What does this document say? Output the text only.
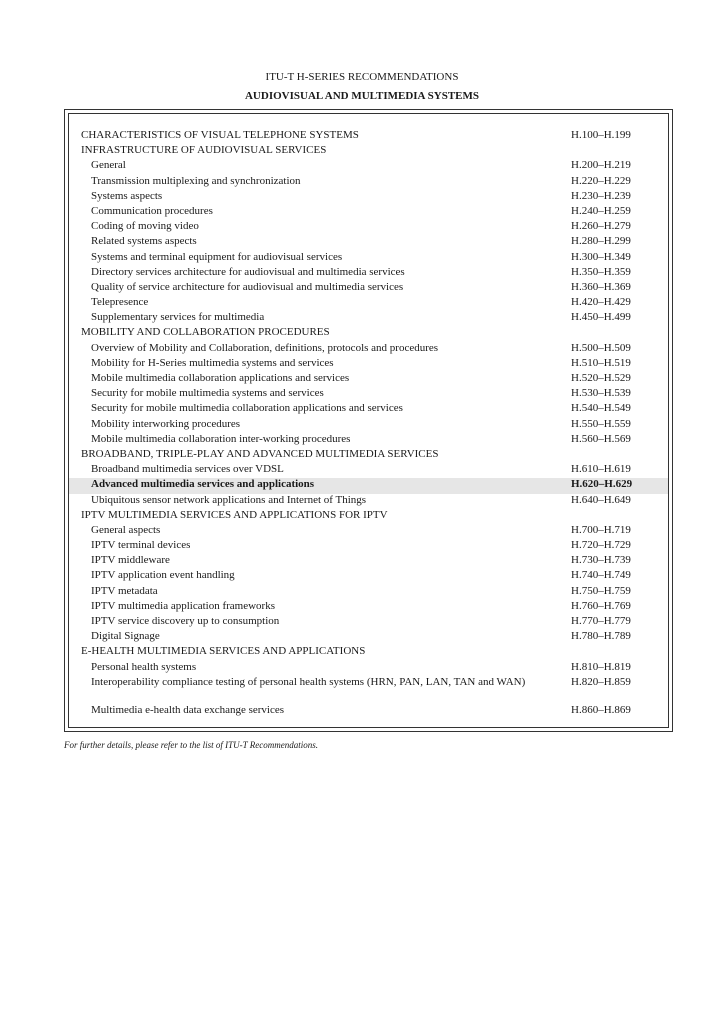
ITU-T H-SERIES RECOMMENDATIONS
AUDIOVISUAL AND MULTIMEDIA SYSTEMS
CHARACTERISTICS OF VISUAL TELEPHONE SYSTEMS	H.100–H.199
INFRASTRUCTURE OF AUDIOVISUAL SERVICES
General	H.200–H.219
Transmission multiplexing and synchronization	H.220–H.229
Systems aspects	H.230–H.239
Communication procedures	H.240–H.259
Coding of moving video	H.260–H.279
Related systems aspects	H.280–H.299
Systems and terminal equipment for audiovisual services	H.300–H.349
Directory services architecture for audiovisual and multimedia services	H.350–H.359
Quality of service architecture for audiovisual and multimedia services	H.360–H.369
Telepresence	H.420–H.429
Supplementary services for multimedia	H.450–H.499
MOBILITY AND COLLABORATION PROCEDURES
Overview of Mobility and Collaboration, definitions, protocols and procedures	H.500–H.509
Mobility for H-Series multimedia systems and services	H.510–H.519
Mobile multimedia collaboration applications and services	H.520–H.529
Security for mobile multimedia systems and services	H.530–H.539
Security for mobile multimedia collaboration applications and services	H.540–H.549
Mobility interworking procedures	H.550–H.559
Mobile multimedia collaboration inter-working procedures	H.560–H.569
BROADBAND, TRIPLE-PLAY AND ADVANCED MULTIMEDIA SERVICES
Broadband multimedia services over VDSL	H.610–H.619
Advanced multimedia services and applications	H.620–H.629
Ubiquitous sensor network applications and Internet of Things	H.640–H.649
IPTV MULTIMEDIA SERVICES AND APPLICATIONS FOR IPTV
General aspects	H.700–H.719
IPTV terminal devices	H.720–H.729
IPTV middleware	H.730–H.739
IPTV application event handling	H.740–H.749
IPTV metadata	H.750–H.759
IPTV multimedia application frameworks	H.760–H.769
IPTV service discovery up to consumption	H.770–H.779
Digital Signage	H.780–H.789
E-HEALTH MULTIMEDIA SERVICES AND APPLICATIONS
Personal health systems	H.810–H.819
Interoperability compliance testing of personal health systems (HRN, PAN, LAN, TAN and WAN)	H.820–H.859
Multimedia e-health data exchange services	H.860–H.869
For further details, please refer to the list of ITU-T Recommendations.
